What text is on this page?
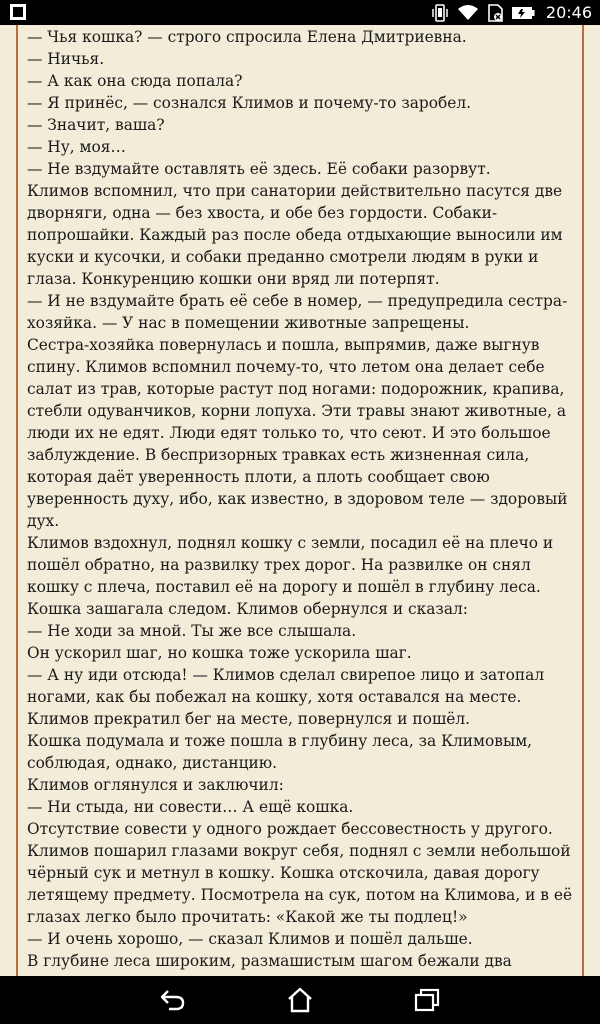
20:46
— Чья кошка? — строго спросила Елена Дмитриевна.
— Ничья.
— А как она сюда попала?
— Я принёс, — сознался Климов и почему-то заробел.
— Значит, ваша?
— Ну, моя…
— Не вздумайте оставлять её здесь. Её собаки разорвут.
Климов вспомнил, что при санатории действительно пасутся две
дворняги, одна — без хвоста, и обе без гордости. Собаки-
попрошайки. Каждый раз после обеда отдыхающие выносили им
куски и кусочки, и собаки преданно смотрели людям в руки и
глаза. Конкуренцию кошки они вряд ли потерпят.
— И не вздумайте брать её себе в номер, — предупредила сестра-
хозяйка. — У нас в помещении животные запрещены.
Сестра-хозяйка повернулась и пошла, выпрямив, даже выгнув
спину. Климов вспомнил почему-то, что летом она делает себе
салат из трав, которые растут под ногами: подорожник, крапива,
стебли одуванчиков, корни лопуха. Эти травы знают животные, а
люди их не едят. Люди едят только то, что сеют. И это большое
заблуждение. В беспризорных травках есть жизненная сила,
которая даёт уверенность плоти, а плоть сообщает свою
уверенность духу, ибо, как известно, в здоровом теле — здоровый
дух.
Климов вздохнул, поднял кошку с земли, посадил её на плечо и
пошёл обратно, на развилку трех дорог. На развилке он снял
кошку с плеча, поставил её на дорогу и пошёл в глубину леса.
Кошка зашагала следом. Климов обернулся и сказал:
— Не ходи за мной. Ты же все слышала.
Он ускорил шаг, но кошка тоже ускорила шаг.
— А ну иди отсюда! — Климов сделал свирепое лицо и затопал
ногами, как бы побежал на кошку, хотя оставался на месте.
Климов прекратил бег на месте, повернулся и пошёл.
Кошка подумала и тоже пошла в глубину леса, за Климовым,
соблюдая, однако, дистанцию.
Климов оглянулся и заключил:
— Ни стыда, ни совести… А ещё кошка.
Отсутствие совести у одного рождает бессовестность у другого.
Климов пошарил глазами вокруг себя, поднял с земли небольшой
чёрный сук и метнул в кошку. Кошка отскочила, давая дорогу
летящему предмету. Посмотрела на сук, потом на Климова, и в её
глазах легко было прочитать: «Какой же ты подлец!»
— И очень хорошо, — сказал Климов и пошёл дальше.
В глубине леса широким, размашистым шагом бежали два
